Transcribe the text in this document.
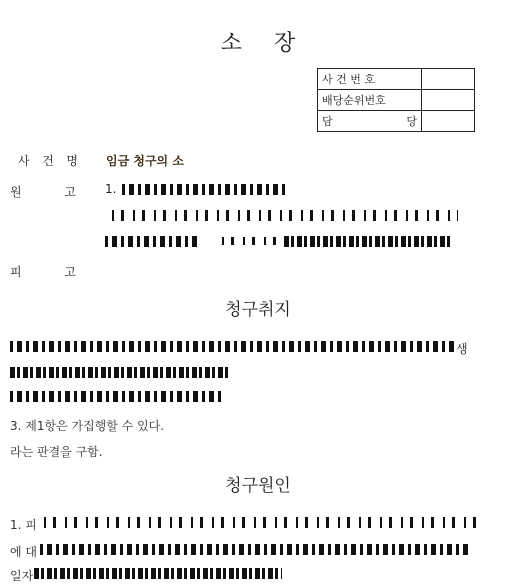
소 장
사 건 번 호	
배당순위번호	

담 당	

사 건 명 임금 청구의 소
원	고 1.
피	고
청구취지
생
3. 제1항은 가집행할 수 있다.
라는 판결을 구함.
청구원인
1. 피
에 대
일자
